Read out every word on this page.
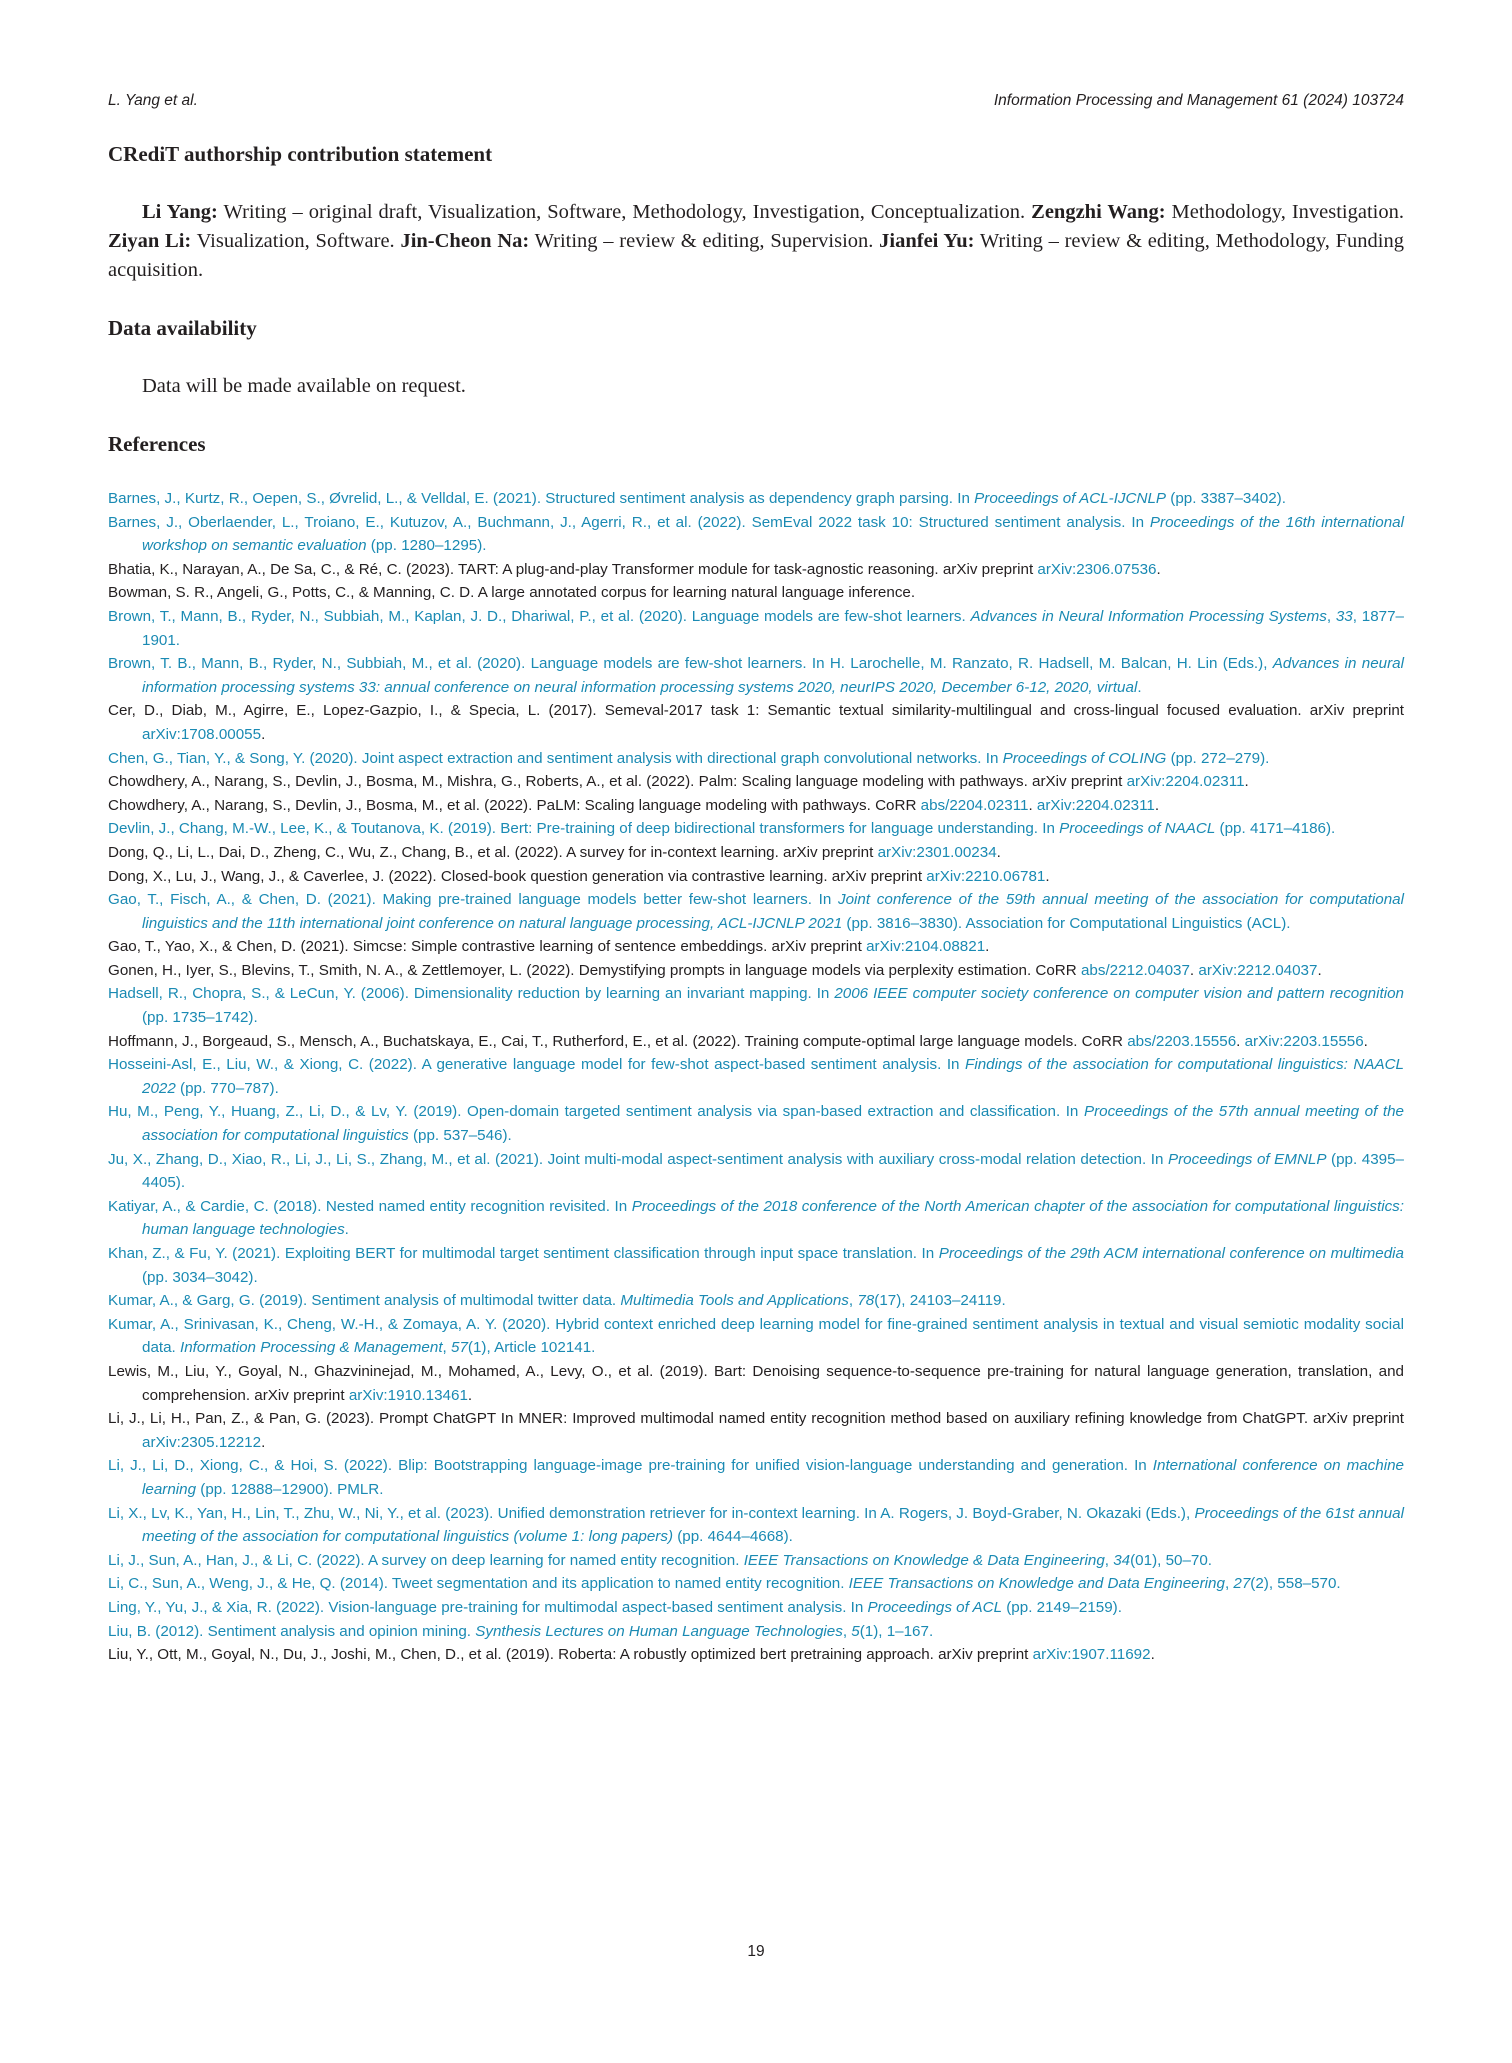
L. Yang et al.	Information Processing and Management 61 (2024) 103724
CRediT authorship contribution statement
Li Yang: Writing – original draft, Visualization, Software, Methodology, Investigation, Conceptualization. Zengzhi Wang: Methodology, Investigation. Ziyan Li: Visualization, Software. Jin-Cheon Na: Writing – review & editing, Supervision. Jianfei Yu: Writing – review & editing, Methodology, Funding acquisition.
Data availability
Data will be made available on request.
References
Barnes, J., Kurtz, R., Oepen, S., Øvrelid, L., & Velldal, E. (2021). Structured sentiment analysis as dependency graph parsing. In Proceedings of ACL-IJCNLP (pp. 3387–3402).
Barnes, J., Oberlaender, L., Troiano, E., Kutuzov, A., Buchmann, J., Agerri, R., et al. (2022). SemEval 2022 task 10: Structured sentiment analysis. In Proceedings of the 16th international workshop on semantic evaluation (pp. 1280–1295).
Bhatia, K., Narayan, A., De Sa, C., & Ré, C. (2023). TART: A plug-and-play Transformer module for task-agnostic reasoning. arXiv preprint arXiv:2306.07536.
Bowman, S. R., Angeli, G., Potts, C., & Manning, C. D. A large annotated corpus for learning natural language inference.
Brown, T., Mann, B., Ryder, N., Subbiah, M., Kaplan, J. D., Dhariwal, P., et al. (2020). Language models are few-shot learners. Advances in Neural Information Processing Systems, 33, 1877–1901.
Brown, T. B., Mann, B., Ryder, N., Subbiah, M., et al. (2020). Language models are few-shot learners. In H. Larochelle, M. Ranzato, R. Hadsell, M. Balcan, H. Lin (Eds.), Advances in neural information processing systems 33: annual conference on neural information processing systems 2020, neurIPS 2020, December 6-12, 2020, virtual.
Cer, D., Diab, M., Agirre, E., Lopez-Gazpio, I., & Specia, L. (2017). Semeval-2017 task 1: Semantic textual similarity-multilingual and cross-lingual focused evaluation. arXiv preprint arXiv:1708.00055.
Chen, G., Tian, Y., & Song, Y. (2020). Joint aspect extraction and sentiment analysis with directional graph convolutional networks. In Proceedings of COLING (pp. 272–279).
Chowdhery, A., Narang, S., Devlin, J., Bosma, M., Mishra, G., Roberts, A., et al. (2022). Palm: Scaling language modeling with pathways. arXiv preprint arXiv:2204.02311.
Chowdhery, A., Narang, S., Devlin, J., Bosma, M., et al. (2022). PaLM: Scaling language modeling with pathways. CoRR abs/2204.02311. arXiv:2204.02311.
Devlin, J., Chang, M.-W., Lee, K., & Toutanova, K. (2019). Bert: Pre-training of deep bidirectional transformers for language understanding. In Proceedings of NAACL (pp. 4171–4186).
Dong, Q., Li, L., Dai, D., Zheng, C., Wu, Z., Chang, B., et al. (2022). A survey for in-context learning. arXiv preprint arXiv:2301.00234.
Dong, X., Lu, J., Wang, J., & Caverlee, J. (2022). Closed-book question generation via contrastive learning. arXiv preprint arXiv:2210.06781.
Gao, T., Fisch, A., & Chen, D. (2021). Making pre-trained language models better few-shot learners. In Joint conference of the 59th annual meeting of the association for computational linguistics and the 11th international joint conference on natural language processing, ACL-IJCNLP 2021 (pp. 3816–3830). Association for Computational Linguistics (ACL).
Gao, T., Yao, X., & Chen, D. (2021). Simcse: Simple contrastive learning of sentence embeddings. arXiv preprint arXiv:2104.08821.
Gonen, H., Iyer, S., Blevins, T., Smith, N. A., & Zettlemoyer, L. (2022). Demystifying prompts in language models via perplexity estimation. CoRR abs/2212.04037. arXiv:2212.04037.
Hadsell, R., Chopra, S., & LeCun, Y. (2006). Dimensionality reduction by learning an invariant mapping. In 2006 IEEE computer society conference on computer vision and pattern recognition (pp. 1735–1742).
Hoffmann, J., Borgeaud, S., Mensch, A., Buchatskaya, E., Cai, T., Rutherford, E., et al. (2022). Training compute-optimal large language models. CoRR abs/2203.15556. arXiv:2203.15556.
Hosseini-Asl, E., Liu, W., & Xiong, C. (2022). A generative language model for few-shot aspect-based sentiment analysis. In Findings of the association for computational linguistics: NAACL 2022 (pp. 770–787).
Hu, M., Peng, Y., Huang, Z., Li, D., & Lv, Y. (2019). Open-domain targeted sentiment analysis via span-based extraction and classification. In Proceedings of the 57th annual meeting of the association for computational linguistics (pp. 537–546).
Ju, X., Zhang, D., Xiao, R., Li, J., Li, S., Zhang, M., et al. (2021). Joint multi-modal aspect-sentiment analysis with auxiliary cross-modal relation detection. In Proceedings of EMNLP (pp. 4395–4405).
Katiyar, A., & Cardie, C. (2018). Nested named entity recognition revisited. In Proceedings of the 2018 conference of the North American chapter of the association for computational linguistics: human language technologies.
Khan, Z., & Fu, Y. (2021). Exploiting BERT for multimodal target sentiment classification through input space translation. In Proceedings of the 29th ACM international conference on multimedia (pp. 3034–3042).
Kumar, A., & Garg, G. (2019). Sentiment analysis of multimodal twitter data. Multimedia Tools and Applications, 78(17), 24103–24119.
Kumar, A., Srinivasan, K., Cheng, W.-H., & Zomaya, A. Y. (2020). Hybrid context enriched deep learning model for fine-grained sentiment analysis in textual and visual semiotic modality social data. Information Processing & Management, 57(1), Article 102141.
Lewis, M., Liu, Y., Goyal, N., Ghazvininejad, M., Mohamed, A., Levy, O., et al. (2019). Bart: Denoising sequence-to-sequence pre-training for natural language generation, translation, and comprehension. arXiv preprint arXiv:1910.13461.
Li, J., Li, H., Pan, Z., & Pan, G. (2023). Prompt ChatGPT In MNER: Improved multimodal named entity recognition method based on auxiliary refining knowledge from ChatGPT. arXiv preprint arXiv:2305.12212.
Li, J., Li, D., Xiong, C., & Hoi, S. (2022). Blip: Bootstrapping language-image pre-training for unified vision-language understanding and generation. In International conference on machine learning (pp. 12888–12900). PMLR.
Li, X., Lv, K., Yan, H., Lin, T., Zhu, W., Ni, Y., et al. (2023). Unified demonstration retriever for in-context learning. In A. Rogers, J. Boyd-Graber, N. Okazaki (Eds.), Proceedings of the 61st annual meeting of the association for computational linguistics (volume 1: long papers) (pp. 4644–4668).
Li, J., Sun, A., Han, J., & Li, C. (2022). A survey on deep learning for named entity recognition. IEEE Transactions on Knowledge & Data Engineering, 34(01), 50–70.
Li, C., Sun, A., Weng, J., & He, Q. (2014). Tweet segmentation and its application to named entity recognition. IEEE Transactions on Knowledge and Data Engineering, 27(2), 558–570.
Ling, Y., Yu, J., & Xia, R. (2022). Vision-language pre-training for multimodal aspect-based sentiment analysis. In Proceedings of ACL (pp. 2149–2159).
Liu, B. (2012). Sentiment analysis and opinion mining. Synthesis Lectures on Human Language Technologies, 5(1), 1–167.
Liu, Y., Ott, M., Goyal, N., Du, J., Joshi, M., Chen, D., et al. (2019). Roberta: A robustly optimized bert pretraining approach. arXiv preprint arXiv:1907.11692.
19
